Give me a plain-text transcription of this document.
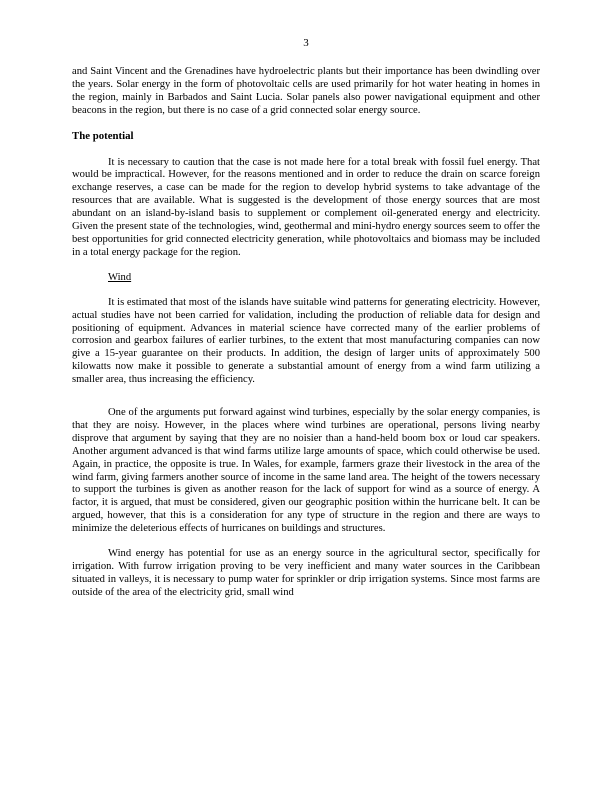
3

and Saint Vincent and the Grenadines have hydroelectric plants but their importance has been dwindling over the years. Solar energy in the form of photovoltaic cells are used primarily for hot water heating in homes in the region, mainly in Barbados and Saint Lucia. Solar panels also power navigational equipment and other beacons in the region, but there is no case of a grid connected solar energy source.

The potential

It is necessary to caution that the case is not made here for a total break with fossil fuel energy. That would be impractical. However, for the reasons mentioned and in order to reduce the drain on scarce foreign exchange reserves, a case can be made for the region to develop hybrid systems to take advantage of the resources that are available. What is suggested is the development of those energy sources that are most abundant on an island-by-island basis to supplement or complement oil-generated energy and electricity. Given the present state of the technologies, wind, geothermal and mini-hydro energy sources seem to offer the best opportunities for grid connected electricity generation, while photovoltaics and biomass may be included in a total energy package for the region.

Wind

It is estimated that most of the islands have suitable wind patterns for generating electricity. However, actual studies have not been carried for validation, including the production of reliable data for design and positioning of equipment. Advances in material science have corrected many of the earlier problems of corrosion and gearbox failures of earlier turbines, to the extent that most manufacturing companies can now give a 15-year guarantee on their products. In addition, the design of larger units of approximately 500 kilowatts now make it possible to generate a substantial amount of energy from a wind farm utilizing a smaller area, thus increasing the efficiency.

One of the arguments put forward against wind turbines, especially by the solar energy companies, is that they are noisy. However, in the places where wind turbines are operational, persons living nearby disprove that argument by saying that they are no noisier than a hand-held boom box or loud car speakers. Another argument advanced is that wind farms utilize large amounts of space, which could otherwise be used. Again, in practice, the opposite is true. In Wales, for example, farmers graze their livestock in the area of the wind farm, giving farmers another source of income in the same land area. The height of the towers necessary to support the turbines is given as another reason for the lack of support for wind as a source of energy. A factor, it is argued, that must be considered, given our geographic position within the hurricane belt. It can be argued, however, that this is a consideration for any type of structure in the region and there are ways to minimize the deleterious effects of hurricanes on buildings and structures.

Wind energy has potential for use as an energy source in the agricultural sector, specifically for irrigation. With furrow irrigation proving to be very inefficient and many water sources in the Caribbean situated in valleys, it is necessary to pump water for sprinkler or drip irrigation systems. Since most farms are outside of the area of the electricity grid, small wind
